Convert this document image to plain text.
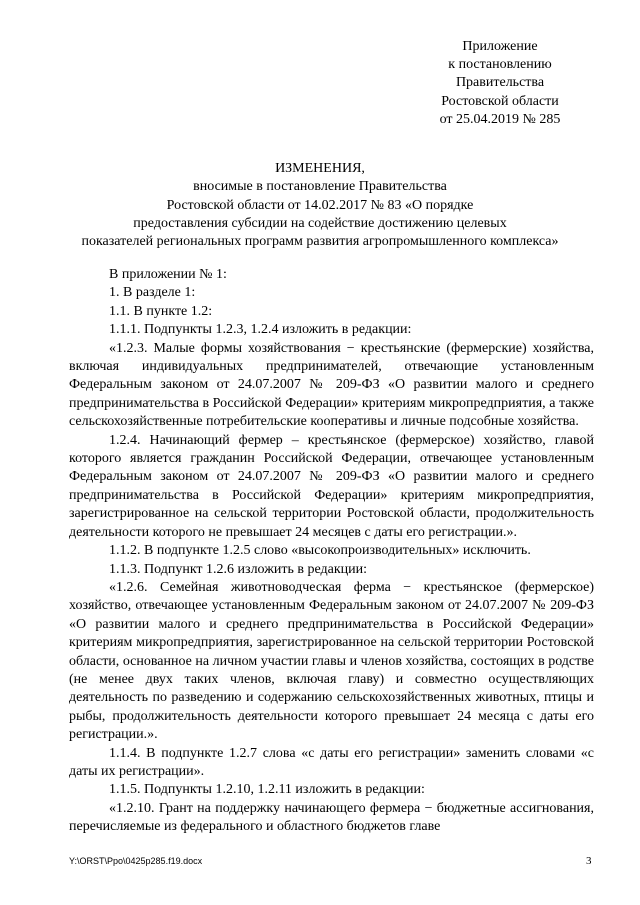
Приложение
к постановлению
Правительства
Ростовской области
от 25.04.2019 № 285
ИЗМЕНЕНИЯ,
вносимые в постановление Правительства
Ростовской области от 14.02.2017 № 83 «О порядке
предоставления субсидии на содействие достижению целевых
показателей региональных программ развития агропромышленного комплекса»

В приложении № 1:

1. В разделе 1:

1.1. В пункте 1.2:

1.1.1. Подпункты 1.2.3, 1.2.4 изложить в редакции:

«1.2.3. Малые формы хозяйствования − крестьянские (фермерские) хозяйства, включая индивидуальных предпринимателей, отвечающие установленным Федеральным законом от 24.07.2007 № 209-ФЗ «О развитии малого и среднего предпринимательства в Российской Федерации» критериям микропредприятия, а также сельскохозяйственные потребительские кооперативы и личные подсобные хозяйства.

1.2.4. Начинающий фермер – крестьянское (фермерское) хозяйство, главой которого является гражданин Российской Федерации, отвечающее установленным Федеральным законом от 24.07.2007 № 209-ФЗ «О развитии малого и среднего предпринимательства в Российской Федерации» критериям микропредприятия, зарегистрированное на сельской территории Ростовской области, продолжительность деятельности которого не превышает 24 месяцев с даты его регистрации.».

1.1.2. В подпункте 1.2.5 слово «высокопроизводительных» исключить.

1.1.3. Подпункт 1.2.6 изложить в редакции:

«1.2.6. Семейная животноводческая ферма − крестьянское (фермерское) хозяйство, отвечающее установленным Федеральным законом от 24.07.2007 № 209-ФЗ «О развитии малого и среднего предпринимательства в Российской Федерации» критериям микропредприятия, зарегистрированное на сельской территории Ростовской области, основанное на личном участии главы и членов хозяйства, состоящих в родстве (не менее двух таких членов, включая главу) и совместно осуществляющих деятельность по разведению и содержанию сельскохозяйственных животных, птицы и рыбы, продолжительность деятельности которого превышает 24 месяца с даты его регистрации.».

1.1.4. В подпункте 1.2.7 слова «с даты его регистрации» заменить словами «с даты их регистрации».

1.1.5. Подпункты 1.2.10, 1.2.11 изложить в редакции:

«1.2.10. Грант на поддержку начинающего фермера − бюджетные ассигнования, перечисляемые из федерального и областного бюджетов главе

Y:\ORST\Ppo\0425p285.f19.docx	3
